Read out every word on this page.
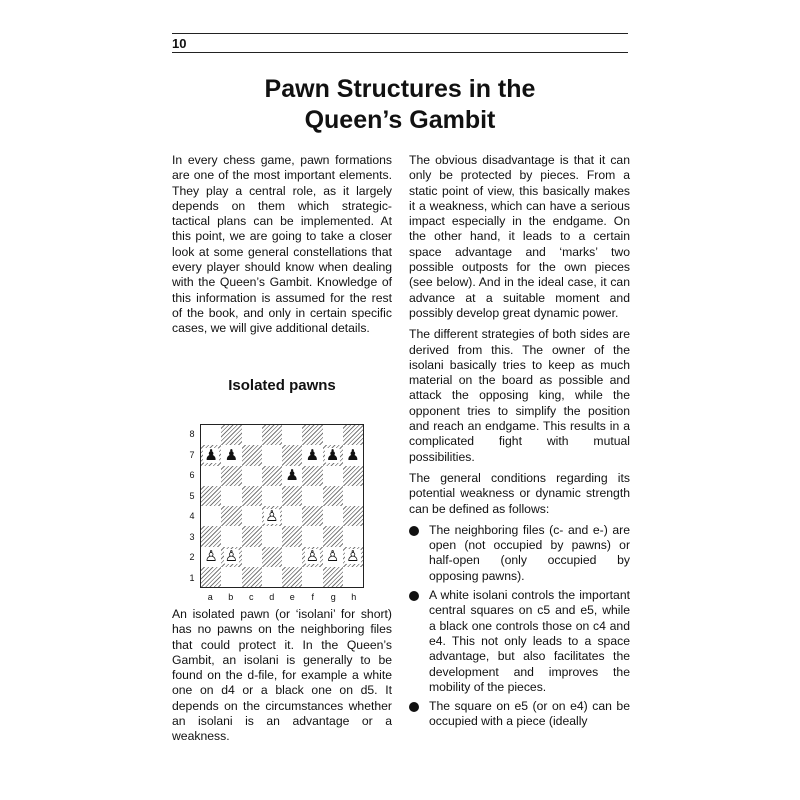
10
Pawn Structures in the
Queen’s Gambit

In every chess game, pawn formations are one of the most important elements. They play a central role, as it largely depends on them which strategic-tactical plans can be implemented. At this point, we are going to take a closer look at some general constellations that every player should know when dealing with the Queen’s Gambit. Knowledge of this information is assumed for the rest of the book, and only in certain specific cases, we will give additional details.

Isolated pawns
8
7
6
5
4
3
2
1
♟ ♟	♟ ♟ ♟
♟
♙
♙ ♙	♙ ♙ ♙
a	b	c	d	e	f	g	h

An isolated pawn (or ‘isolani’ for short) has no pawns on the neighboring files that could protect it. In the Queen’s Gambit, an isolani is generally to be found on the d-file, for example a white one on d4 or a black one on d5. It depends on the circumstances whether an isolani is an advantage or a weakness.

The obvious disadvantage is that it can only be protected by pieces. From a static point of view, this basically makes it a weakness, which can have a serious impact especially in the endgame. On the other hand, it leads to a certain space advantage and ‘marks’ two possible outposts for the own pieces (see below). And in the ideal case, it can advance at a suitable moment and possibly develop great dynamic power.

The different strategies of both sides are derived from this. The owner of the isolani basically tries to keep as much material on the board as possible and attack the opposing king, while the opponent tries to simplify the position and reach an endgame. This results in a complicated fight with mutual possibilities.

The general conditions regarding its potential weakness or dynamic strength can be defined as follows:

The neighboring files (c- and e-) are open (not occupied by pawns) or half-open (only occupied by opposing pawns).
A white isolani controls the important central squares on c5 and e5, while a black one controls those on c4 and e4. This not only leads to a space advantage, but also facilitates the development and improves the mobility of the pieces.
The square on e5 (or on e4) can be occupied with a piece (ideally
